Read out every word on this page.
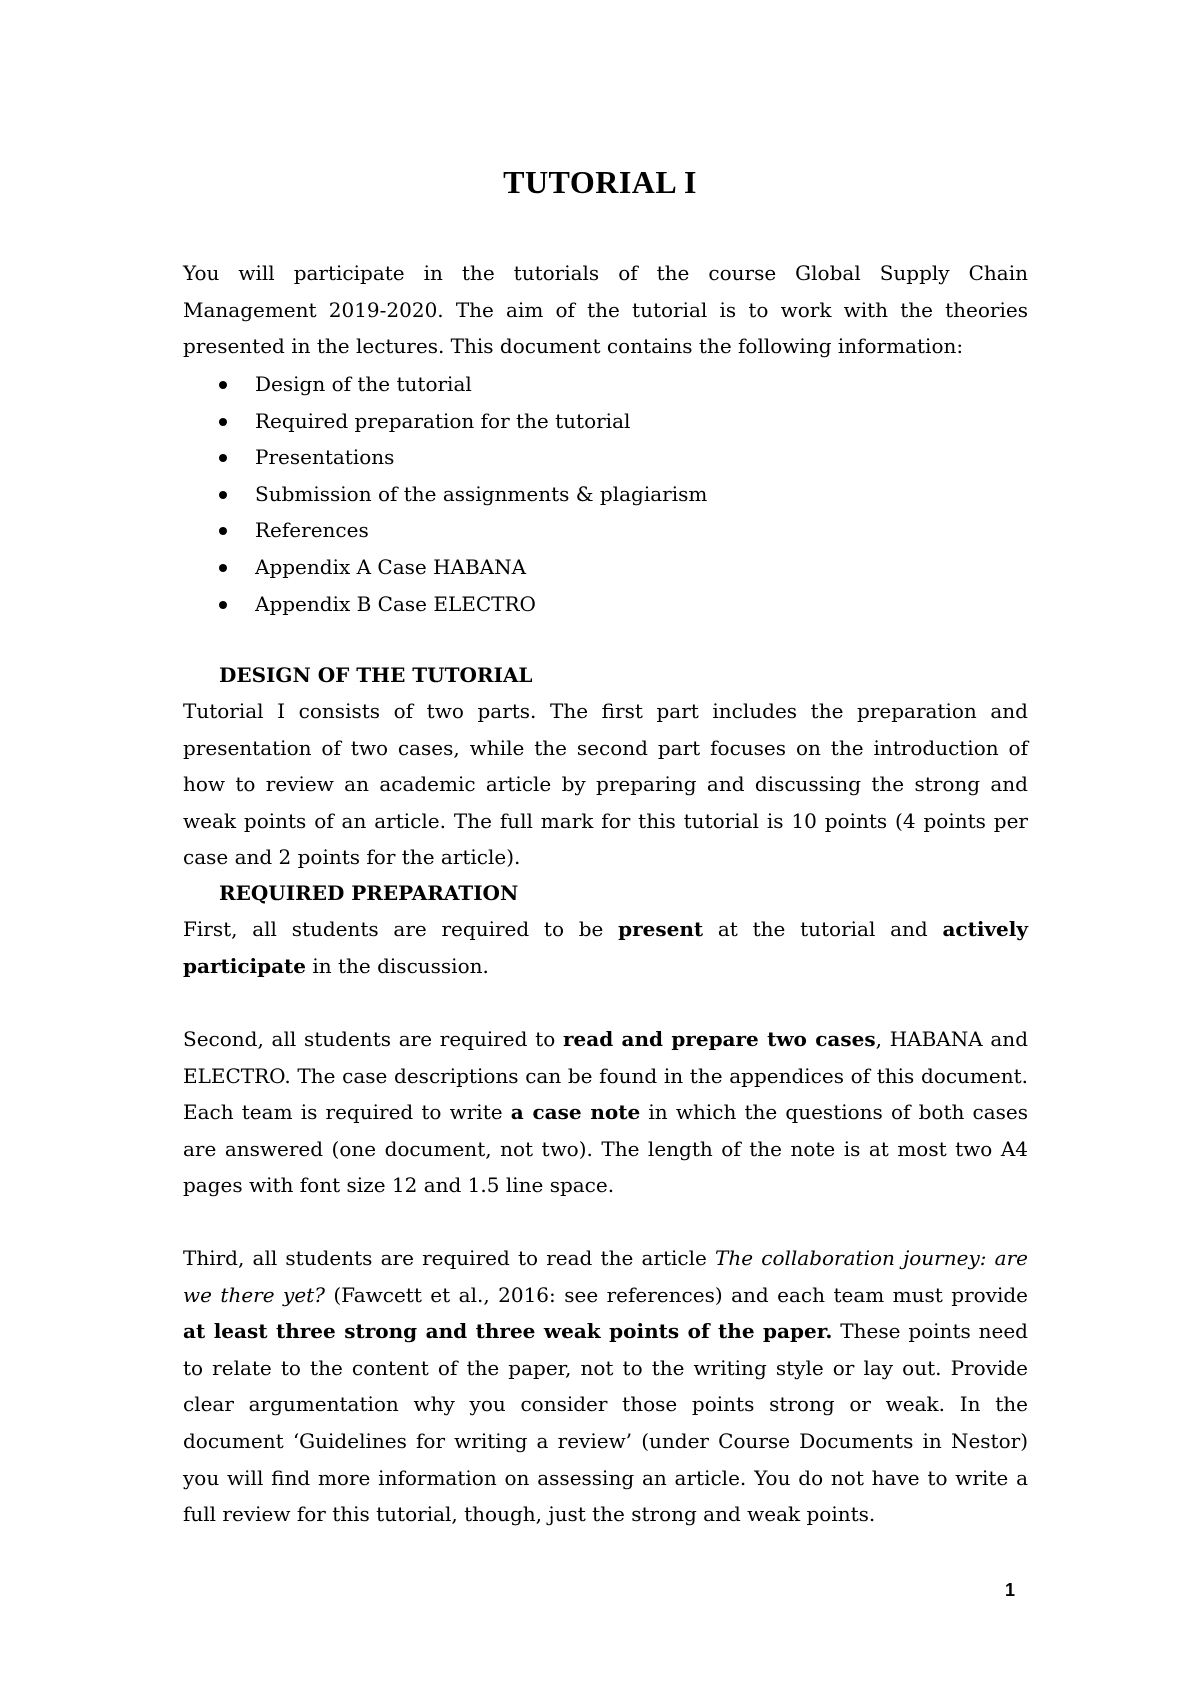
TUTORIAL I

You will participate in the tutorials of the course Global Supply Chain Management 2019-2020. The aim of the tutorial is to work with the theories presented in the lectures. This document contains the following information:

Design of the tutorial
Required preparation for the tutorial
Presentations
Submission of the assignments & plagiarism
References
Appendix A Case HABANA
Appendix B Case ELECTRO
DESIGN OF THE TUTORIAL

Tutorial I consists of two parts. The first part includes the preparation and presentation of two cases, while the second part focuses on the introduction of how to review an academic article by preparing and discussing the strong and weak points of an article. The full mark for this tutorial is 10 points (4 points per case and 2 points for the article).

REQUIRED PREPARATION

First, all students are required to be present at the tutorial and actively participate in the discussion.

Second, all students are required to read and prepare two cases, HABANA and ELECTRO. The case descriptions can be found in the appendices of this document. Each team is required to write a case note in which the questions of both cases are answered (one document, not two). The length of the note is at most two A4 pages with font size 12 and 1.5 line space.

Third, all students are required to read the article The collaboration journey: are we there yet? (Fawcett et al., 2016: see references) and each team must provide at least three strong and three weak points of the paper. These points need to relate to the content of the paper, not to the writing style or lay out. Provide clear argumentation why you consider those points strong or weak. In the document ‘Guidelines for writing a review’ (under Course Documents in Nestor) you will find more information on assessing an article. You do not have to write a full review for this tutorial, though, just the strong and weak points.

1
